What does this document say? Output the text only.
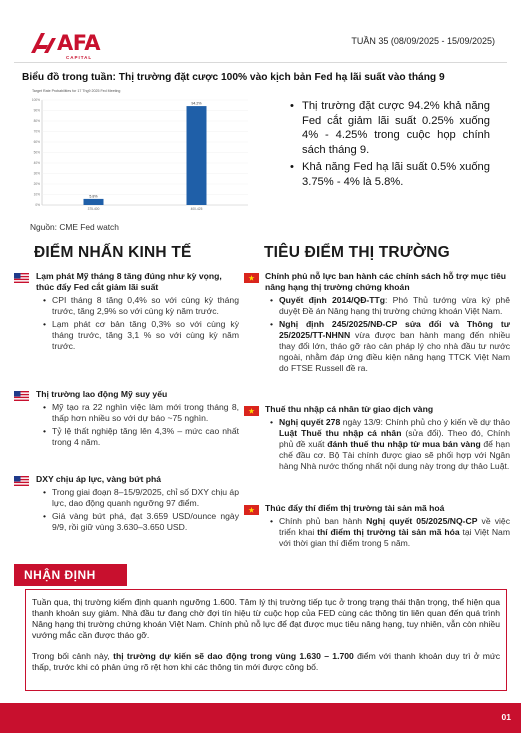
AFA
CAPITAL
TUẦN 35 (08/09/2025 - 15/09/2025)
Biểu đồ trong tuần: Thị trường đặt cược 100% vào kịch bản Fed hạ lãi suất vào tháng 9
Target Rate Probabilities for 17 Thg9 2025 Fed Meeting
0%
10%
20%
30%
40%
50%
60%
70%
80%
90%
100%
5.8%
375-400
94.2%
400-425
Nguồn: CME Fed watch
• Thị trường đặt cược 94.2% khả năng Fed cắt giảm lãi suất 0.25% xuống 4% - 4.25% trong cuộc họp chính sách tháng 9.
• Khả năng Fed hạ lãi suất 0.5% xuống 3.75% - 4% là 5.8%.
ĐIỂM NHẤN KINH TẾ
Lạm phát Mỹ tháng 8 tăng đúng như kỳ vọng, thúc đẩy Fed cắt giảm lãi suất
• CPI tháng 8 tăng 0,4% so với cùng kỳ tháng trước, tăng 2,9% so với cùng kỳ năm trước.
• Lạm phát cơ bản tăng 0,3% so với cùng kỳ tháng trước, tăng 3,1 % so với cùng kỳ năm trước.
Thị trường lao động Mỹ suy yếu
• Mỹ tạo ra 22 nghìn việc làm mới trong tháng 8, thấp hơn nhiều so với dự báo ~75 nghìn.
• Tỷ lệ thất nghiệp tăng lên 4,3% – mức cao nhất trong 4 năm.
DXY chịu áp lực, vàng bứt phá
• Trong giai đoạn 8–15/9/2025, chỉ số DXY chịu áp lực, dao động quanh ngưỡng 97 điểm.
• Giá vàng bứt phá, đạt 3.659 USD/ounce ngày 9/9, rồi giữ vùng 3.630–3.650 USD.
TIÊU ĐIỂM THỊ TRƯỜNG
Chính phủ nỗ lực ban hành các chính sách hỗ trợ mục tiêu nâng hạng thị trường chứng khoán
• Quyết định 2014/QĐ-TTg: Phó Thủ tướng vừa ký phê duyệt Đề án Nâng hạng thị trường chứng khoán Việt Nam.
• Nghị định 245/2025/NĐ-CP sửa đổi và Thông tư 25/2025/TT-NHNN vừa được ban hành mang đến nhiều thay đổi lớn, tháo gỡ rào cản pháp lý cho nhà đầu tư nước ngoài, nhằm đáp ứng điều kiện nâng hạng TTCK Việt Nam do FTSE Russell đề ra.
Thuế thu nhập cá nhân từ giao dịch vàng
• Nghị quyết 278 ngày 13/9: Chính phủ cho ý kiến về dự thảo Luật Thuế thu nhập cá nhân (sửa đổi). Theo đó, Chính phủ đề xuất đánh thuế thu nhập từ mua bán vàng để hạn chế đầu cơ. Bộ Tài chính được giao sẽ phối hợp với Ngân hàng Nhà nước thống nhất nội dung này trong dự thảo Luật.
Thúc đẩy thí điểm thị trường tài sản mã hoá
• Chính phủ ban hành Nghị quyết 05/2025/NQ-CP về việc triển khai thí điểm thị trường tài sản mã hóa tại Việt Nam với thời gian thí điểm trong 5 năm.
NHẬN ĐỊNH

Tuần qua, thị trường kiểm định quanh ngưỡng 1.600. Tâm lý thị trường tiếp tục ở trong trạng thái thận trọng, thể hiện qua thanh khoản suy giảm. Nhà đầu tư đang chờ đợi tín hiệu từ cuộc họp của FED cùng các thông tin liên quan đến quá trình Nâng hạng thị trường chứng khoán Việt Nam. Chính phủ nỗ lực để đạt được mục tiêu nâng hạng, tuy nhiên, vẫn còn nhiều vướng mắc cần được tháo gỡ.

Trong bối cảnh này, thị trường dự kiến sẽ dao động trong vùng 1.630 – 1.700 điểm với thanh khoản duy trì ở mức thấp, trước khi có phản ứng rõ rệt hơn khi các thông tin mới được công bố.

01
